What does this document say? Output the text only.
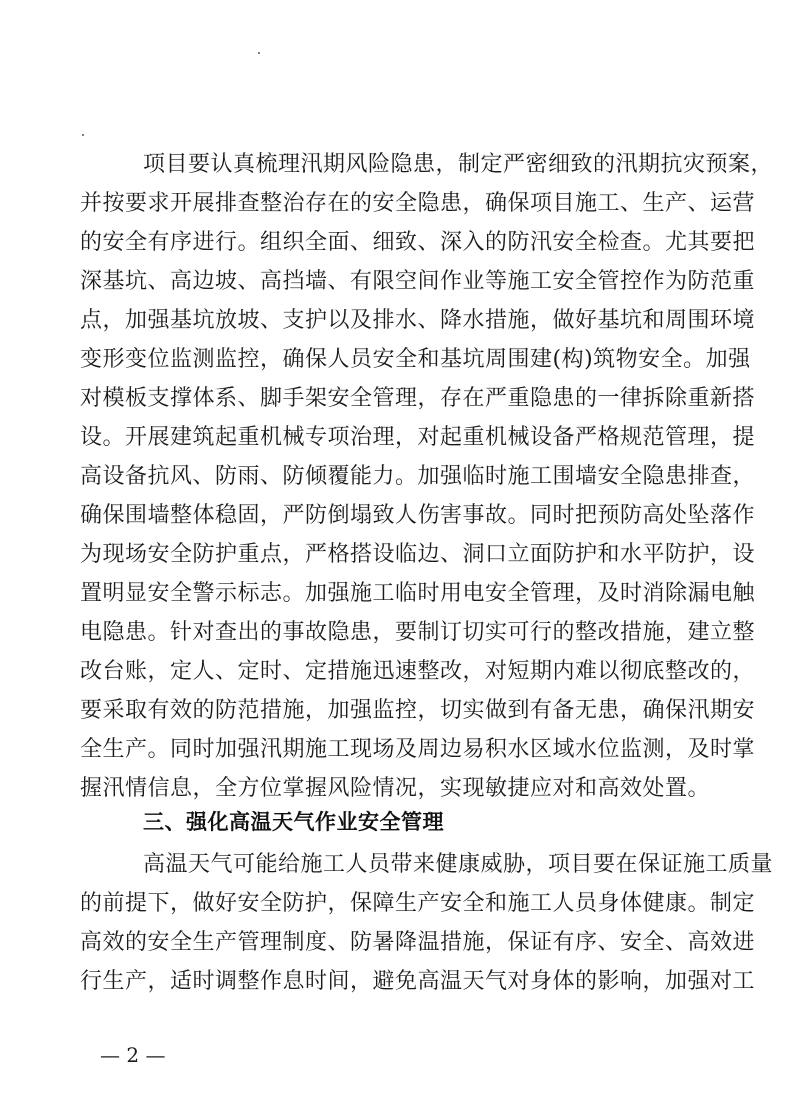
项目要认真梳理汛期风险隐患，制定严密细致的汛期抗灾预案，
并按要求开展排查整治存在的安全隐患，确保项目施工、生产、运营
的安全有序进行。组织全面、细致、深入的防汛安全检查。尤其要把
深基坑、高边坡、高挡墙、有限空间作业等施工安全管控作为防范重
点，加强基坑放坡、支护以及排水、降水措施，做好基坑和周围环境
变形变位监测监控，确保人员安全和基坑周围建(构)筑物安全。加强
对模板支撑体系、脚手架安全管理，存在严重隐患的一律拆除重新搭
设。开展建筑起重机械专项治理，对起重机械设备严格规范管理，提
高设备抗风、防雨、防倾覆能力。加强临时施工围墙安全隐患排查，
确保围墙整体稳固，严防倒塌致人伤害事故。同时把预防高处坠落作
为现场安全防护重点，严格搭设临边、洞口立面防护和水平防护，设
置明显安全警示标志。加强施工临时用电安全管理，及时消除漏电触
电隐患。针对查出的事故隐患，要制订切实可行的整改措施，建立整
改台账，定人、定时、定措施迅速整改，对短期内难以彻底整改的，
要采取有效的防范措施，加强监控，切实做到有备无患，确保汛期安
全生产。同时加强汛期施工现场及周边易积水区域水位监测，及时掌
握汛情信息，全方位掌握风险情况，实现敏捷应对和高效处置。
三、强化高温天气作业安全管理
高温天气可能给施工人员带来健康威胁，项目要在保证施工质量
的前提下，做好安全防护，保障生产安全和施工人员身体健康。制定
高效的安全生产管理制度、防暑降温措施，保证有序、安全、高效进
行生产，适时调整作息时间，避免高温天气对身体的影响，加强对工
— 2 —
